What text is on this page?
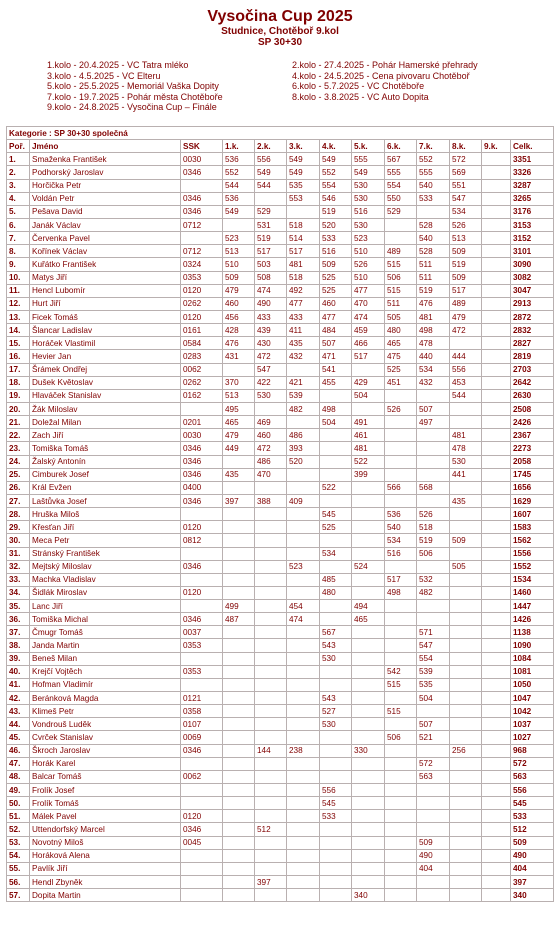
Vysočina Cup 2025
Studnice, Chotěboř 9.kol
SP 30+30
1.kolo - 20.4.2025 - VC Tatra mléko
3.kolo - 4.5.2025 - VC Elteru
5.kolo - 25.5.2025 - Memoriál Vaška Dopity
7.kolo - 19.7.2025 - Pohár města Chotěboře
9.kolo - 24.8.2025 - Vysočina Cup – Finále
2.kolo - 27.4.2025 - Pohár Hamerské přehrady
4.kolo - 24.5.2025 - Cena pivovaru Chotěboř
6.kolo - 5.7.2025 - VC Chotěboře
8.kolo - 3.8.2025 - VC Auto Dopita
Kategorie : SP 30+30 společná												
Poř.	Jméno	SSK	1.k.	2.k.	3.k.	4.k.	5.k.	6.k.	7.k.	8.k.	9.k.	Celk.
1.	Smaženka František	0030	536	556	549	549	555	567	552	572		3351
2.	Podhorský Jaroslav	0346	552	549	549	552	549	555	555	569		3326
3.	Horčička Petr		544	544	535	554	530	554	540	551		3287
4.	Voldán Petr	0346	536		553	546	530	550	533	547		3265
5.	Pešava David	0346	549	529		519	516	529		534		3176
6.	Janák Václav	0712		531	518	520	530		528	526		3153
7.	Červenka Pavel		523	519	514	533	523		540	513		3152
8.	Kořínek Václav	0712	513	517	517	516	510	489	528	509		3101
9.	Kuřátko František	0324	510	503	481	509	526	515	511	519		3090
10.	Matys Jiří	0353	509	508	518	525	510	506	511	509		3082
11.	Hencl Lubomír	0120	479	474	492	525	477	515	519	517		3047
12.	Hurt Jiří	0262	460	490	477	460	470	511	476	489		2913
13.	Ficek Tomáš	0120	456	433	433	477	474	505	481	479		2872
14.	Šlancar Ladislav	0161	428	439	411	484	459	480	498	472		2832
15.	Horáček Vlastimil	0584	476	430	435	507	466	465	478			2827
16.	Hevier Jan	0283	431	472	432	471	517	475	440	444		2819
17.	Šrámek Ondřej	0062		547		541		525	534	556		2703
18.	Dušek Květoslav	0262	370	422	421	455	429	451	432	453		2642
19.	Hlaváček Stanislav	0162	513	530	539		504			544		2630
20.	Žák Miloslav		495		482	498		526	507			2508
21.	Doležal Milan	0201	465	469		504	491		497			2426
22.	Zach Jiří	0030	479	460	486		461			481		2367
23.	Tomiška Tomáš	0346	449	472	393		481			478		2273
24.	Žalský Antonín	0346		486	520		522			530		2058
25.	Cimburek Josef	0346	435	470			399			441		1745
26.	Král Evžen	0400				522		566	568			1656
27.	Laštůvka Josef	0346	397	388	409					435		1629
28.	Hruška Miloš					545		536	526			1607
29.	Křesťan Jiří	0120				525		540	518			1583
30.	Meca Petr	0812						534	519	509		1562
31.	Stránský František					534		516	506			1556
32.	Mejtský Miloslav	0346			523		524			505		1552
33.	Machka Vladislav					485		517	532			1534
34.	Šidlák Miroslav	0120				480		498	482			1460
35.	Lanc Jiří		499		454		494					1447
36.	Tomiška Michal	0346	487		474		465					1426
37.	Čmugr Tomáš	0037				567			571			1138
38.	Janda Martin	0353				543			547			1090
39.	Beneš Milan					530			554			1084
40.	Krejčí Vojtěch	0353						542	539			1081
41.	Hofman Vladimír							515	535			1050
42.	Beránková Magda	0121				543			504			1047
43.	Klimeš Petr	0358				527		515				1042
44.	Vondrouš Luděk	0107				530			507			1037
45.	Cvrček Stanislav	0069						506	521			1027
46.	Škroch Jaroslav	0346		144	238		330			256		968
47.	Horák Karel								572			572
48.	Balcar Tomáš	0062							563			563
49.	Frolík Josef					556						556
50.	Frolík Tomáš					545						545
51.	Málek Pavel	0120				533						533
52.	Uttendorfský Marcel	0346		512								512
53.	Novotný Miloš	0045							509			509
54.	Horáková Alena								490			490
55.	Pavlík Jiří								404			404
56.	Hendl Zbyněk			397								397
57.	Dopita Martin						340					340
